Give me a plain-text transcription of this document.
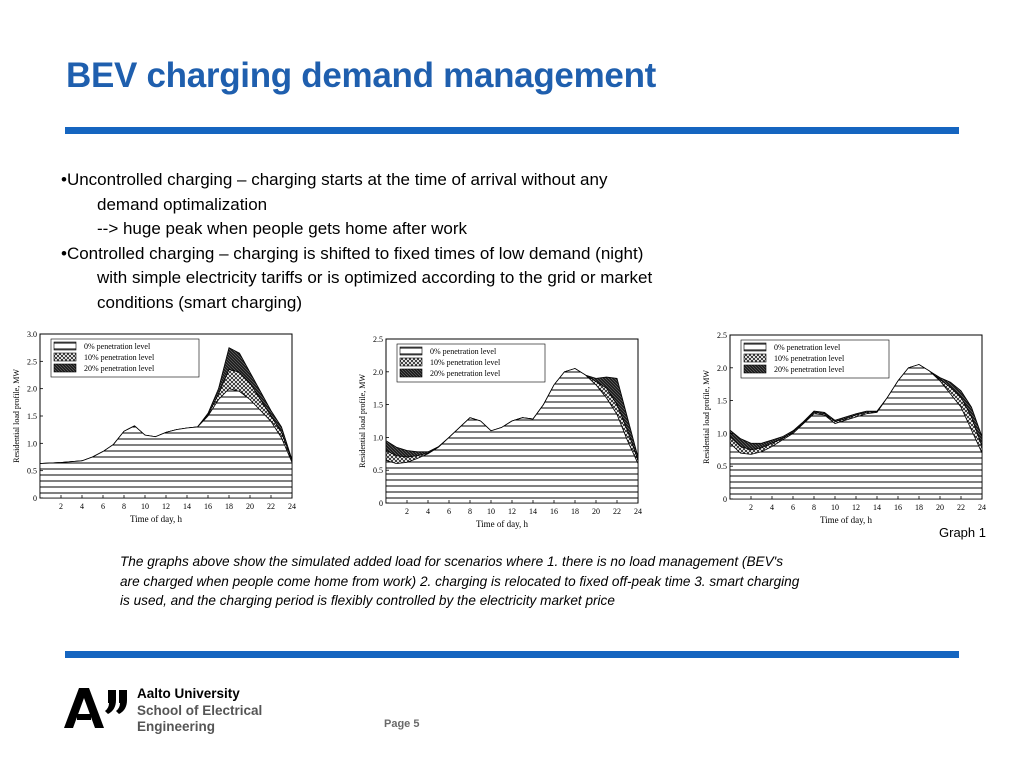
BEV charging demand management
•Uncontrolled charging – charging starts at the time of arrival without any
demand optimalization
--> huge peak when people gets home after work
•Controlled charging – charging is shifted to fixed times of low demand (night)
with simple electricity tariffs or is optimized according to the grid or market
conditions (smart charging)
0
0.5
1.0
1.5
2.0
2.5
3.0
2 4 6 8 10 12 14 16 18 20 22 24
Time of day, h
Residential load profile, MW
0% penetration level
10% penetration level
20% penetration level
0
0.5
1.0
1.5
2.0
2.5
2 4 6 8 10 12 14 16 18 20 22 24
Time of day, h
Residential load profile, MW
0% penetration level
10% penetration level
20% penetration level
0
0.5
1.0
1.5
2.0
2.5
2 4 6 8 10 12 14 16 18 20 22 24
Time of day, h
Residential load profile, MW
0% penetration level
10% penetration level
20% penetration level
Graph 1
The graphs above show the simulated added load for scenarios where 1. there is no load management (BEV's
are charged when people come home from work) 2. charging is relocated to fixed off-peak time 3. smart charging
is used, and the charging period is flexibly controlled by the electricity market price
Aalto University
School of Electrical
Engineering	Page 5
